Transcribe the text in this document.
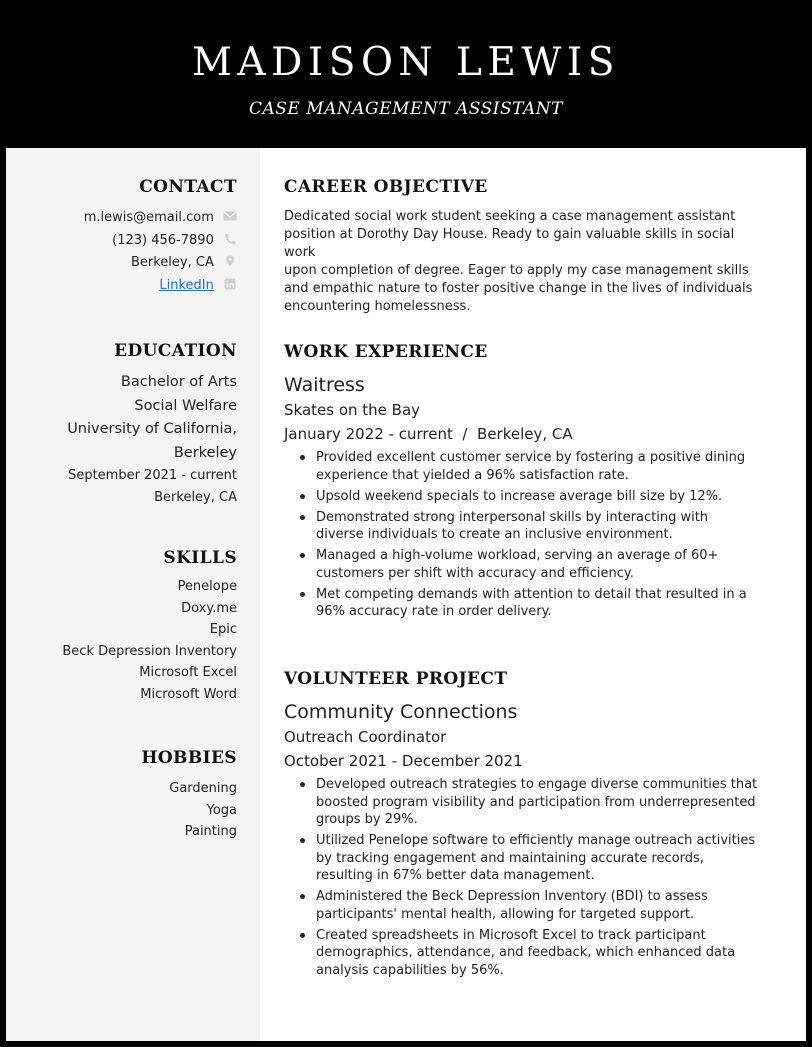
MADISON LEWIS
CASE MANAGEMENT ASSISTANT
CONTACT
m.lewis@email.com
(123) 456-7890
Berkeley, CA
LinkedIn
EDUCATION
Bachelor of Arts
Social Welfare
University of California,
Berkeley
September 2021 - current
Berkeley, CA
SKILLS
Penelope
Doxy.me
Epic
Beck Depression Inventory
Microsoft Excel
Microsoft Word
HOBBIES
Gardening
Yoga
Painting
CAREER OBJECTIVE
Dedicated social work student seeking a case management assistant
position at Dorothy Day House. Ready to gain valuable skills in social work
upon completion of degree. Eager to apply my case management skills
and empathic nature to foster positive change in the lives of individuals
encountering homelessness.
WORK EXPERIENCE
Waitress
Skates on the Bay
January 2022 - current / Berkeley, CA
Provided excellent customer service by fostering a positive dining experience that yielded a 96% satisfaction rate.
Upsold weekend specials to increase average bill size by 12%.
Demonstrated strong interpersonal skills by interacting with diverse individuals to create an inclusive environment.
Managed a high-volume workload, serving an average of 60+ customers per shift with accuracy and efficiency.
Met competing demands with attention to detail that resulted in a 96% accuracy rate in order delivery.
VOLUNTEER PROJECT
Community Connections
Outreach Coordinator
October 2021 - December 2021
Developed outreach strategies to engage diverse communities that boosted program visibility and participation from underrepresented groups by 29%.
Utilized Penelope software to efficiently manage outreach activities by tracking engagement and maintaining accurate records, resulting in 67% better data management.
Administered the Beck Depression Inventory (BDI) to assess participants' mental health, allowing for targeted support.
Created spreadsheets in Microsoft Excel to track participant demographics, attendance, and feedback, which enhanced data analysis capabilities by 56%.
